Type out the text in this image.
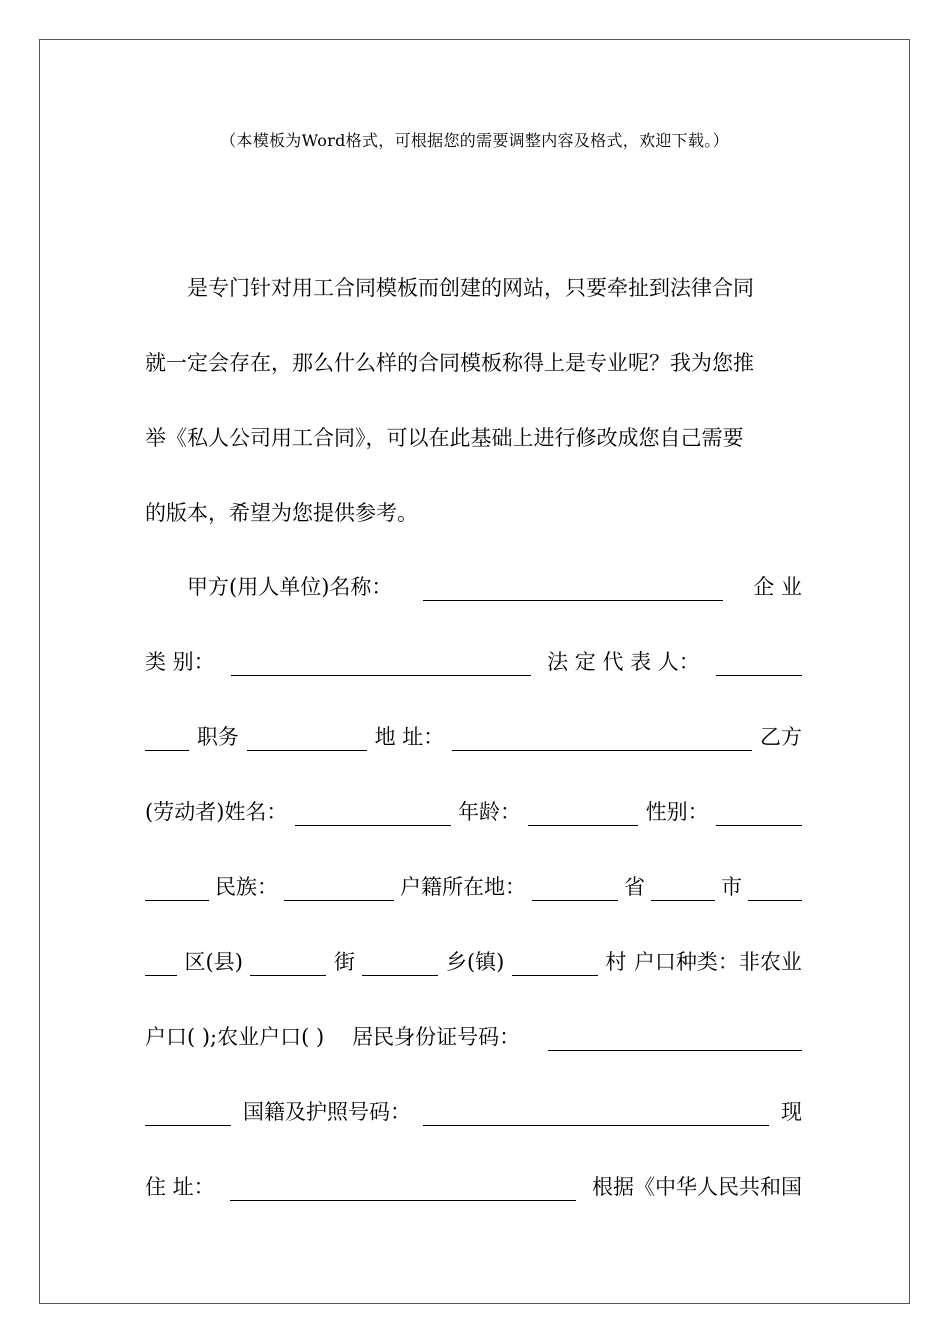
（本模板为Word格式，可根据您的需要调整内容及格式，欢迎下载。）
是专门针对用工合同模板而创建的网站，只要牵扯到法律合同
就一定会存在，那么什么样的合同模板称得上是专业呢？我为您推
举《私人公司用工合同》，可以在此基础上进行修改成您自己需要
的版本，希望为您提供参考。
甲方(用人单位)名称：	企 业
类 别：	法 定 代 表 人：
职务	地 址：	乙方
(劳动者)姓名：	年龄：	性别：
民族：	户籍所在地：	省	市
区(县)	街	乡(镇)	村 户口种类：非农业
户口( );农业户口( ) 居民身份证号码：
国籍及护照号码：	现
住 址：	根据《中华人民共和国
